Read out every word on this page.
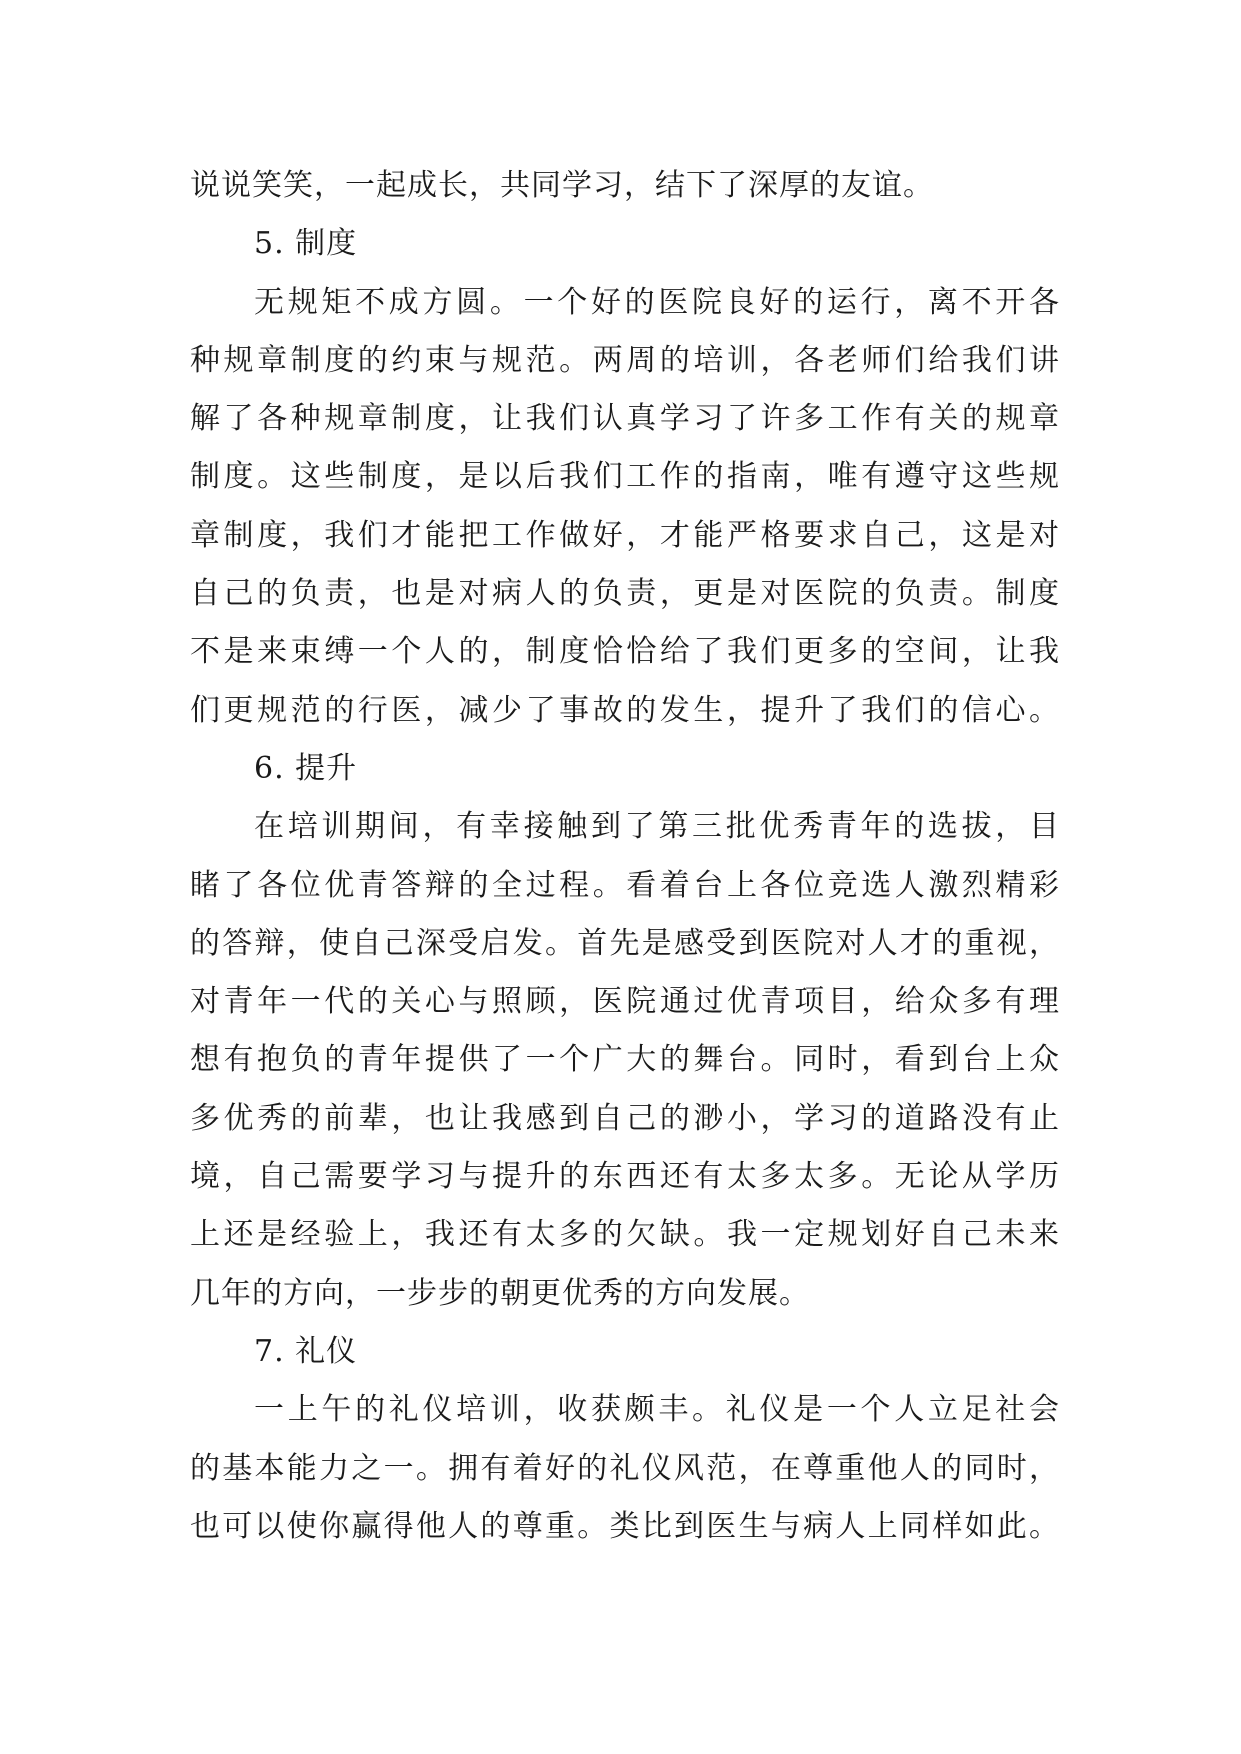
说说笑笑，一起成长，共同学习，结下了深厚的友谊。
5. 制度
无规矩不成方圆。一个好的医院良好的运行，离不开各
种规章制度的约束与规范。两周的培训，各老师们给我们讲
解了各种规章制度，让我们认真学习了许多工作有关的规章
制度。这些制度，是以后我们工作的指南，唯有遵守这些规
章制度，我们才能把工作做好，才能严格要求自己，这是对
自己的负责，也是对病人的负责，更是对医院的负责。制度
不是来束缚一个人的，制度恰恰给了我们更多的空间，让我
们更规范的行医，减少了事故的发生，提升了我们的信心。
6. 提升
在培训期间，有幸接触到了第三批优秀青年的选拔，目
睹了各位优青答辩的全过程。看着台上各位竞选人激烈精彩
的答辩，使自己深受启发。首先是感受到医院对人才的重视，
对青年一代的关心与照顾，医院通过优青项目，给众多有理
想有抱负的青年提供了一个广大的舞台。同时，看到台上众
多优秀的前辈，也让我感到自己的渺小，学习的道路没有止
境，自己需要学习与提升的东西还有太多太多。无论从学历
上还是经验上，我还有太多的欠缺。我一定规划好自己未来
几年的方向，一步步的朝更优秀的方向发展。
7. 礼仪
一上午的礼仪培训，收获颇丰。礼仪是一个人立足社会
的基本能力之一。拥有着好的礼仪风范，在尊重他人的同时，
也可以使你赢得他人的尊重。类比到医生与病人上同样如此。
